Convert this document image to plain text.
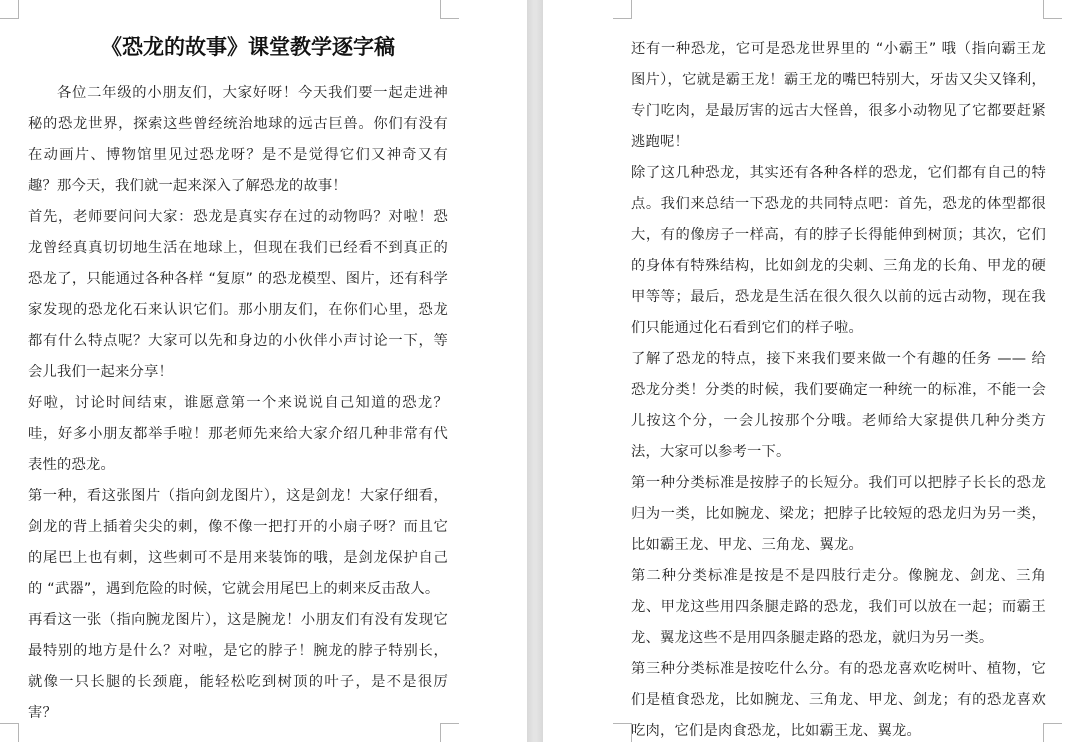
《恐龙的故事》课堂教学逐字稿

各位二年级的小朋友们，大家好呀！今天我们要一起走进神秘的恐龙世界，探索这些曾经统治地球的远古巨兽。你们有没有在动画片、博物馆里见过恐龙呀？是不是觉得它们又神奇又有趣？那今天，我们就一起来深入了解恐龙的故事！

首先，老师要问问大家：恐龙是真实存在过的动物吗？对啦！恐龙曾经真真切切地生活在地球上，但现在我们已经看不到真正的恐龙了，只能通过各种各样 “复原” 的恐龙模型、图片，还有科学家发现的恐龙化石来认识它们。那小朋友们，在你们心里，恐龙都有什么特点呢？大家可以先和身边的小伙伴小声讨论一下，等会儿我们一起来分享！

好啦，讨论时间结束，谁愿意第一个来说说自己知道的恐龙？哇，好多小朋友都举手啦！那老师先来给大家介绍几种非常有代表性的恐龙。

第一种，看这张图片（指向剑龙图片），这是剑龙！大家仔细看，剑龙的背上插着尖尖的刺，像不像一把打开的小扇子呀？而且它的尾巴上也有刺，这些刺可不是用来装饰的哦，是剑龙保护自己的 “武器”，遇到危险的时候，它就会用尾巴上的刺来反击敌人。

再看这一张（指向腕龙图片），这是腕龙！小朋友们有没有发现它最特别的地方是什么？对啦，是它的脖子！腕龙的脖子特别长，就像一只长腿的长颈鹿，能轻松吃到树顶的叶子，是不是很厉害？

还有一种恐龙，它可是恐龙世界里的 “小霸王” 哦（指向霸王龙图片），它就是霸王龙！霸王龙的嘴巴特别大，牙齿又尖又锋利，专门吃肉，是最厉害的远古大怪兽，很多小动物见了它都要赶紧逃跑呢！

除了这几种恐龙，其实还有各种各样的恐龙，它们都有自己的特点。我们来总结一下恐龙的共同特点吧：首先，恐龙的体型都很大，有的像房子一样高，有的脖子长得能伸到树顶；其次，它们的身体有特殊结构，比如剑龙的尖刺、三角龙的长角、甲龙的硬甲等等；最后，恐龙是生活在很久很久以前的远古动物，现在我们只能通过化石看到它们的样子啦。

了解了恐龙的特点，接下来我们要来做一个有趣的任务 —— 给恐龙分类！分类的时候，我们要确定一种统一的标准，不能一会儿按这个分，一会儿按那个分哦。老师给大家提供几种分类方法，大家可以参考一下。

第一种分类标准是按脖子的长短分。我们可以把脖子长长的恐龙归为一类，比如腕龙、梁龙；把脖子比较短的恐龙归为另一类，比如霸王龙、甲龙、三角龙、翼龙。

第二种分类标准是按是不是四肢行走分。像腕龙、剑龙、三角龙、甲龙这些用四条腿走路的恐龙，我们可以放在一起；而霸王龙、翼龙这些不是用四条腿走路的恐龙，就归为另一类。

第三种分类标准是按吃什么分。有的恐龙喜欢吃树叶、植物，它们是植食恐龙，比如腕龙、三角龙、甲龙、剑龙；有的恐龙喜欢吃肉，它们是肉食恐龙，比如霸王龙、翼龙。
